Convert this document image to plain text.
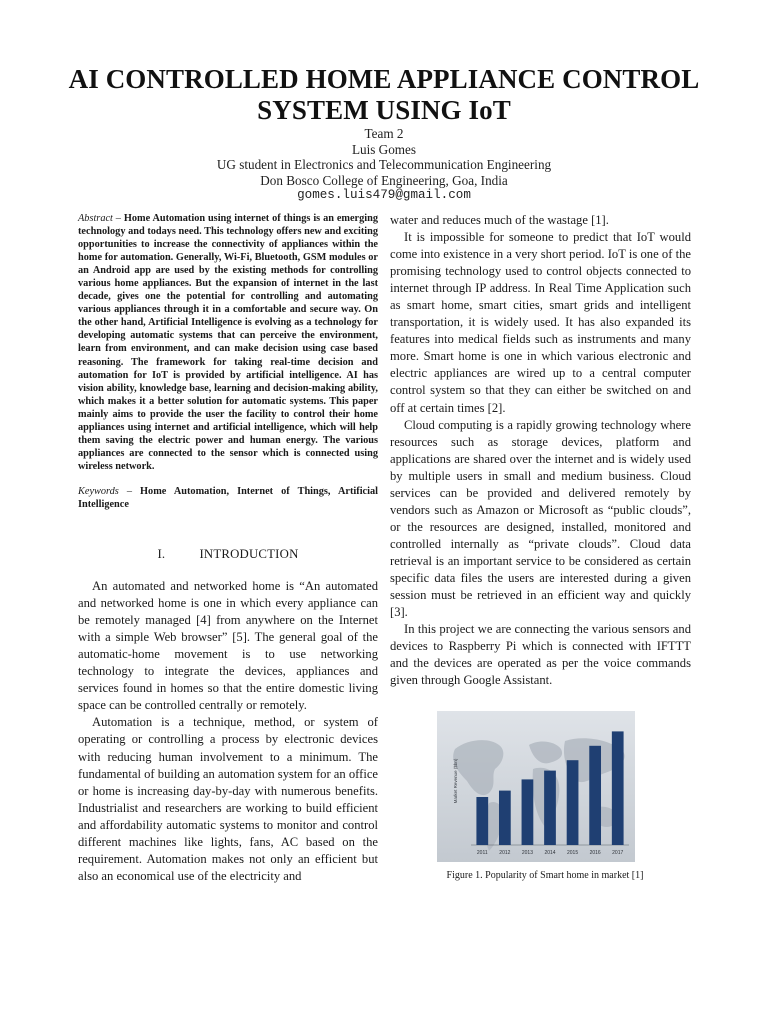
AI CONTROLLED HOME APPLIANCE CONTROL
SYSTEM USING IoT
Team 2
Luis Gomes
UG student in Electronics and Telecommunication Engineering
Don Bosco College of Engineering, Goa, India
gomes.luis479@gmail.com

Abstract – Home Automation using internet of things is an emerging technology and todays need. This technology offers new and exciting opportunities to increase the connectivity of appliances within the home for automation. Generally, Wi-Fi, Bluetooth, GSM modules or an Android app are used by the existing methods for controlling various home appliances. But the expansion of internet in the last decade, gives one the potential for controlling and automating various appliances through it in a comfortable and secure way. On the other hand, Artificial Intelligence is evolving as a technology for developing automatic systems that can perceive the environment, learn from environment, and can make decision using case based reasoning. The framework for taking real-time decision and automation for IoT is provided by artificial intelligence. AI has vision ability, knowledge base, learning and decision-making ability, which makes it a better solution for automatic systems. This paper mainly aims to provide the user the facility to control their home appliances using internet and artificial intelligence, which will help them saving the electric power and human energy. The various appliances are connected to the sensor which is connected using wireless network.

Keywords – Home Automation, Internet of Things, Artificial Intelligence

I.	INTRODUCTION

An automated and networked home is “An automated and networked home is one in which every appliance can be remotely managed [4] from anywhere on the Internet with a simple Web browser” [5]. The general goal of the automatic-home movement is to use networking technology to integrate the devices, appliances and services found in homes so that the entire domestic living space can be controlled centrally or remotely.

Automation is a technique, method, or system of operating or controlling a process by electronic devices with reducing human involvement to a minimum. The fundamental of building an automation system for an office or home is increasing day-by-day with numerous benefits. Industrialist and researchers are working to build efficient and affordability automatic systems to monitor and control different machines like lights, fans, AC based on the requirement. Automation makes not only an efficient but also an economical use of the electricity and

water and reduces much of the wastage [1].

It is impossible for someone to predict that IoT would come into existence in a very short period. IoT is one of the promising technology used to control objects connected to internet through IP address. In Real Time Application such as smart home, smart cities, smart grids and intelligent transportation, it is widely used. It has also expanded its features into medical fields such as instruments and many more. Smart home is one in which various electronic and electric appliances are wired up to a central computer control system so that they can either be switched on and off at certain times [2].

Cloud computing is a rapidly growing technology where resources such as storage devices, platform and applications are shared over the internet and is widely used by multiple users in small and medium business. Cloud services can be provided and delivered remotely by vendors such as Amazon or Microsoft as “public clouds”, or the resources are designed, installed, monitored and controlled internally as “private clouds”. Cloud data retrieval is an important service to be considered as certain specific data files the users are interested during a given session must be retrieved in an efficient way and quickly [3].

In this project we are connecting the various sensors and devices to Raspberry Pi which is connected with IFTTT and the devices are operated as per the voice commands given through Google Assistant.

Market Revenue ($bn)
2011 2012 2013 2014 2015 2016 2017
Figure 1. Popularity of Smart home in market [1]
